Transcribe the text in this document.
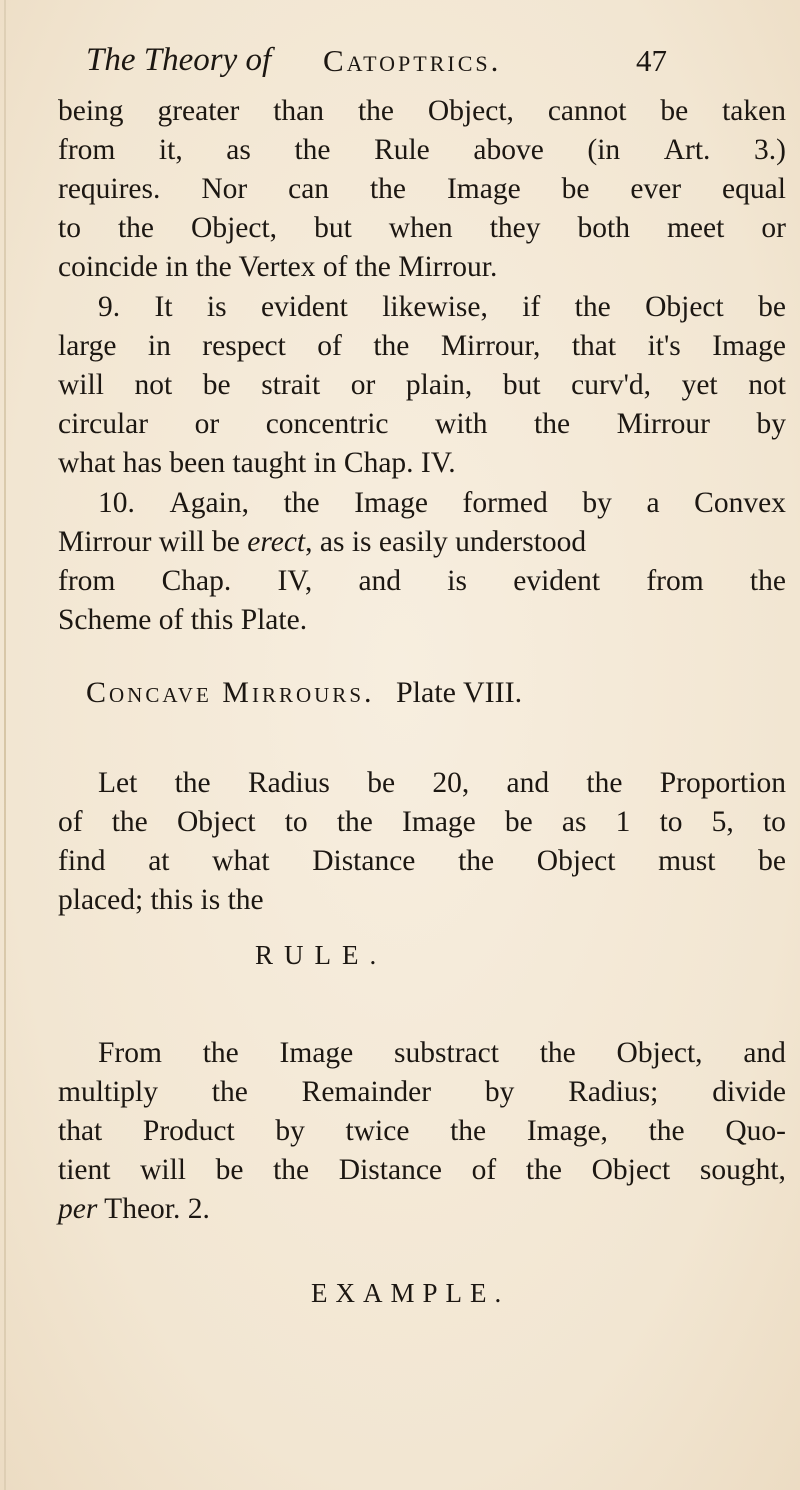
The Theory of Catoptrics.	47
being greater than the Object, cannot be taken
from it, as the Rule above (in Art. 3.)
requires. Nor can the Image be ever equal
to the Object, but when they both meet or
coincide in the Vertex of the Mirrour.
9. It is evident likewise, if the Object be
large in respect of the Mirrour, that it's Image
will not be strait or plain, but curv'd, yet not
circular or concentric with the Mirrour by
what has been taught in Chap. IV.
10. Again, the Image formed by a Convex
Mirrour will be erect, as is easily understood
from Chap. IV, and is evident from the
Scheme of this Plate.
Concave Mirrours. Plate VIII.
Let the Radius be 20, and the Proportion
of the Object to the Image be as 1 to 5, to
find at what Distance the Object must be
placed; this is the
RULE.
From the Image substract the Object, and
multiply the Remainder by Radius; divide
that Product by twice the Image, the Quo-
tient will be the Distance of the Object sought,
per Theor. 2.
EXAMPLE.
